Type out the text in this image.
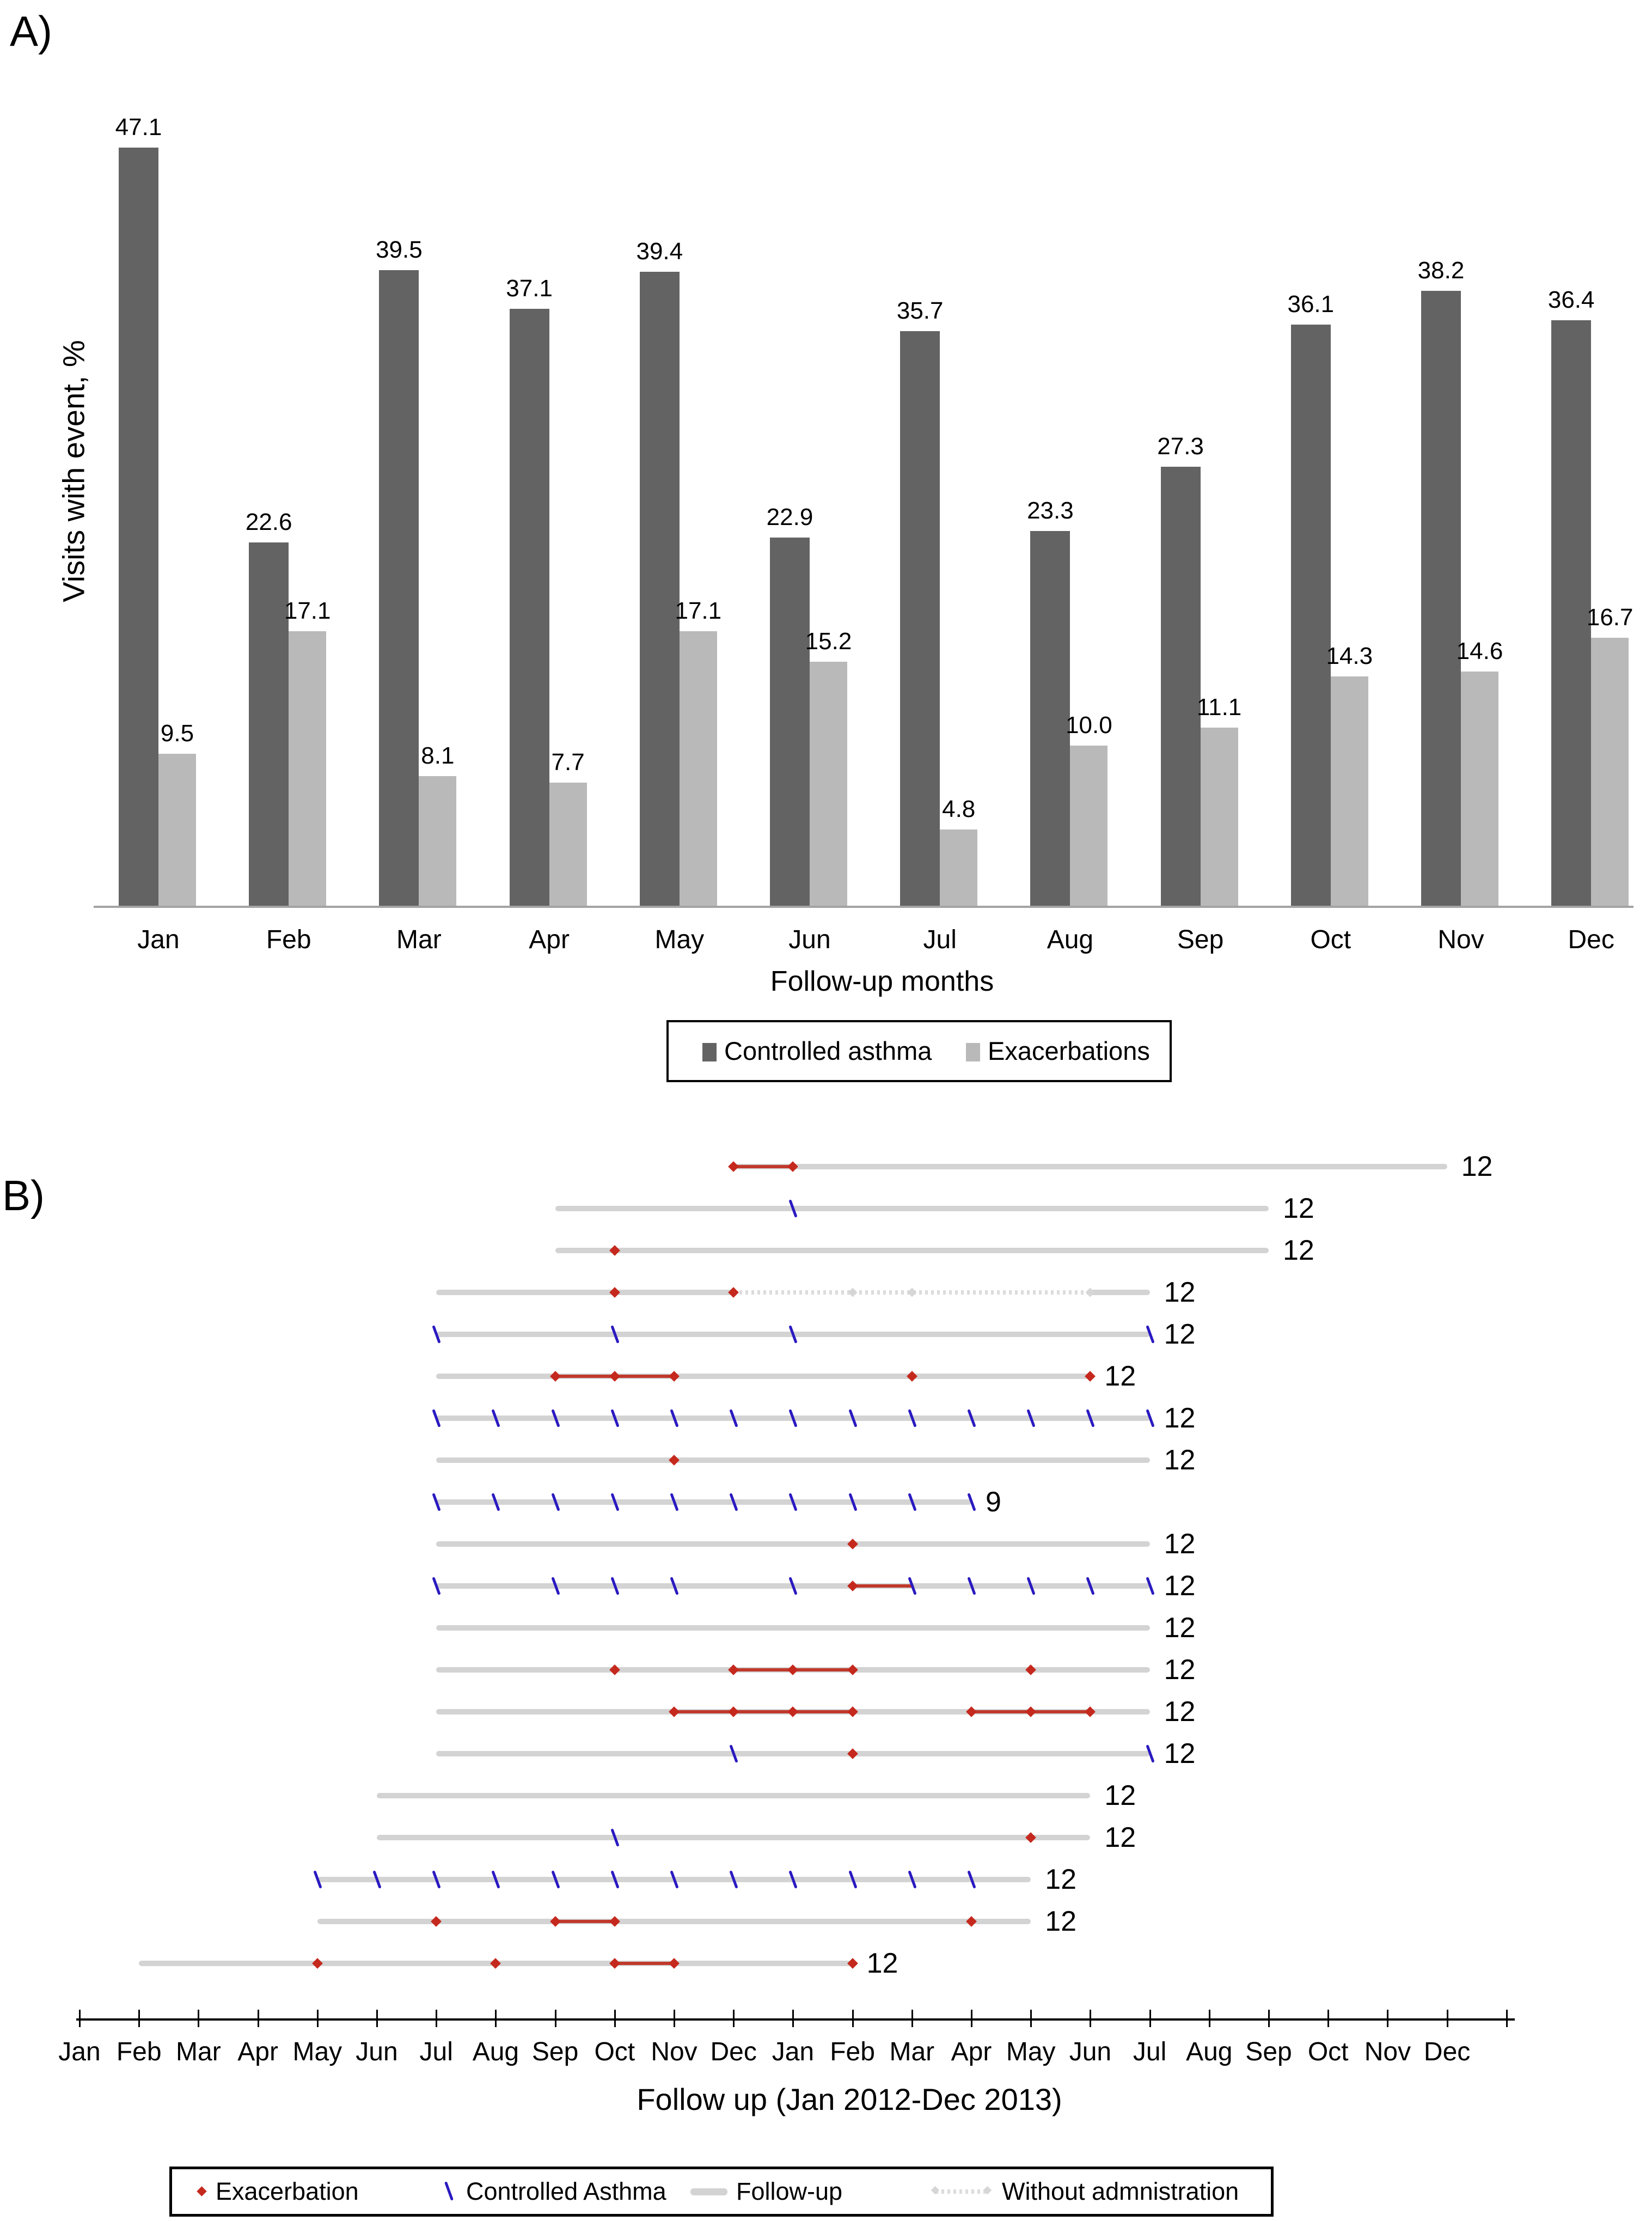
A)
Visits with event, %
47.1
9.5
Jan
22.6
17.1
Feb
39.5
8.1
Mar
37.1
7.7
Apr
39.4
17.1
May
22.9
15.2
Jun
35.7
4.8
Jul
23.3
10.0
Aug
27.3
11.1
Sep
36.1
14.3
Oct
38.2
14.6
Nov
36.4
16.7
Dec
Follow-up months
Controlled asthma Exacerbations
B)
12
12
12
12
12
12
12
12
9
12
12
12
12
12
12
12
12
12
12
12
Jan Feb Mar Apr May Jun Jul Aug Sep Oct Nov Dec Jan Feb Mar Apr May Jun Jul Aug Sep Oct Nov Dec
Follow up (Jan 2012-Dec 2013)
Exacerbation	Controlled Asthma	Follow-up	Without admnistration
